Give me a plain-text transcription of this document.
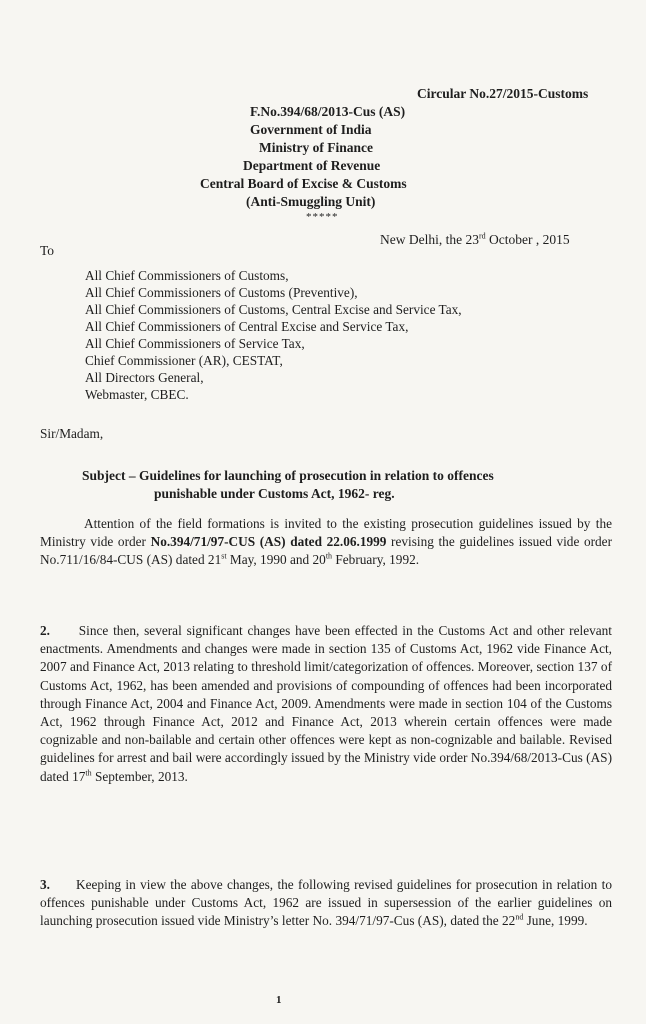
Circular No.27/2015-Customs
F.No.394/68/2013-Cus (AS)
Government of India
Ministry of Finance
Department of Revenue
Central Board of Excise & Customs
(Anti-Smuggling Unit)
*****
New Delhi, the 23rd October , 2015
To
All Chief Commissioners of Customs,
All Chief Commissioners of Customs (Preventive),
All Chief Commissioners of Customs, Central Excise and Service Tax,
All Chief Commissioners of Central Excise and Service Tax,
All Chief Commissioners of Service Tax,
Chief Commissioner (AR), CESTAT,
All Directors General,
Webmaster, CBEC.
Sir/Madam,
Subject – Guidelines for launching of prosecution in relation to offences
punishable under Customs Act, 1962- reg.

Attention of the field formations is invited to the existing prosecution guidelines issued by the Ministry vide order No.394/71/97-CUS (AS) dated 22.06.1999 revising the guidelines issued vide order No.711/16/84-CUS (AS) dated 21st May, 1990 and 20th February, 1992.

2. Since then, several significant changes have been effected in the Customs Act and other relevant enactments. Amendments and changes were made in section 135 of Customs Act, 1962 vide Finance Act, 2007 and Finance Act, 2013 relating to threshold limit/categorization of offences. Moreover, section 137 of Customs Act, 1962, has been amended and provisions of compounding of offences had been incorporated through Finance Act, 2004 and Finance Act, 2009. Amendments were made in section 104 of the Customs Act, 1962 through Finance Act, 2012 and Finance Act, 2013 wherein certain offences were made cognizable and non-bailable and certain other offences were kept as non-cognizable and bailable. Revised guidelines for arrest and bail were accordingly issued by the Ministry vide order No.394/68/2013-Cus (AS) dated 17th September, 2013.

3. Keeping in view the above changes, the following revised guidelines for prosecution in relation to offences punishable under Customs Act, 1962 are issued in supersession of the earlier guidelines on launching prosecution issued vide Ministry’s letter No. 394/71/97-Cus (AS), dated the 22nd June, 1999.

1
